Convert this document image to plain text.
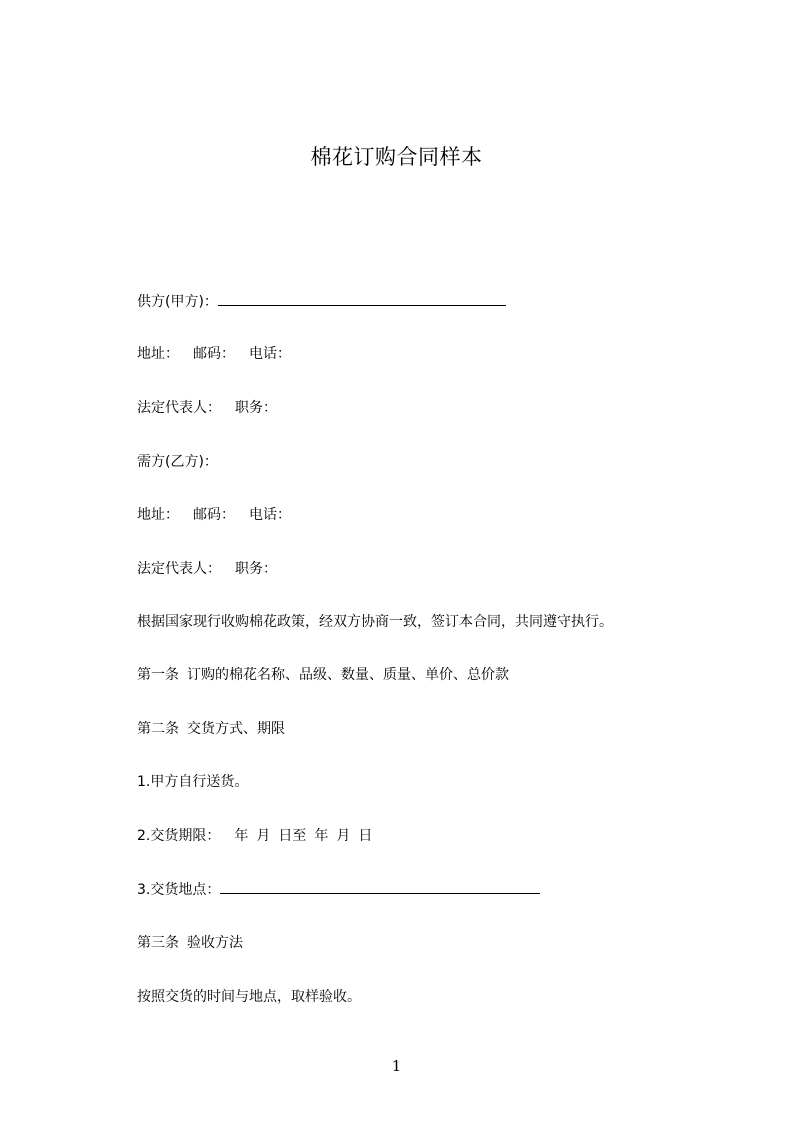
棉花订购合同样本
供方(甲方)：
地址： 邮码： 电话：
法定代表人： 职务：
需方(乙方)：
地址： 邮码： 电话：
法定代表人： 职务：
根据国家现行收购棉花政策，经双方协商一致，签订本合同，共同遵守执行。
第一条 订购的棉花名称、品级、数量、质量、单价、总价款
第二条 交货方式、期限
1.甲方自行送货。
2.交货期限： 年 月 日至 年 月 日
3.交货地点：
第三条 验收方法
按照交货的时间与地点，取样验收。
1
